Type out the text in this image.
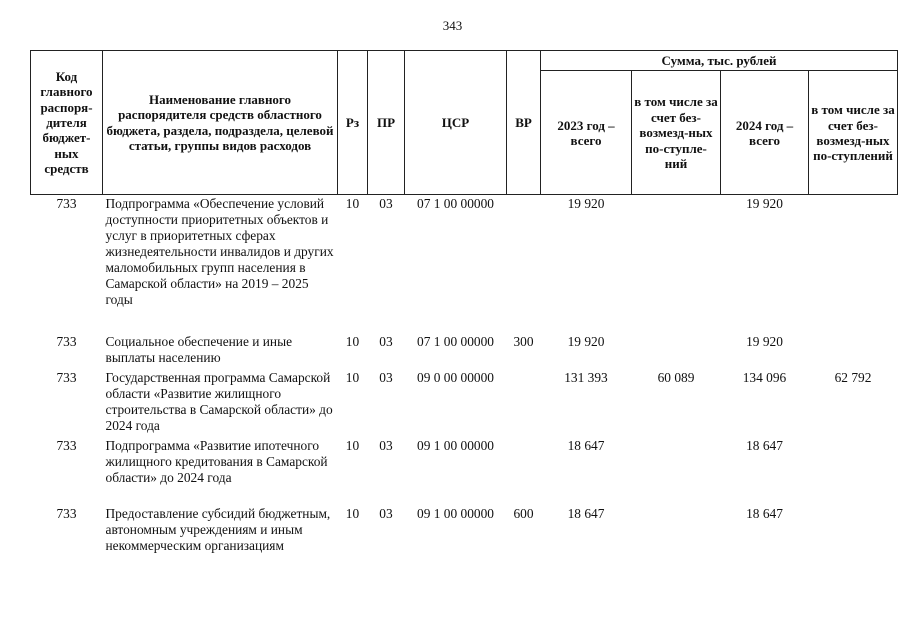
343
Код главного распоря-дителя бюджет-ных средств	Наименование главного распорядителя средств областного бюджета, раздела, подраздела, целевой статьи, группы видов расходов	Рз	ПР	ЦСР	ВР	Сумма, тыс. рублей			
						2023 год – всего	в том числе за счет без-возмезд-ных по-ступле-ний	2024 год – всего	в том числе за счет без-возмезд-ных по-ступлений
733	Подпрограмма «Обеспечение условий доступности приоритетных объектов и услуг в приоритетных сферах жизнедеятельности инвалидов и других маломобильных групп населения в Самарской области» на 2019 – 2025 годы	10	03	07 1 00 00000		19 920		19 920	
733	Социальное обеспечение и иные выплаты населению	10	03	07 1 00 00000	300	19 920		19 920	
733	Государственная программа Самарской области «Развитие жилищного строительства в Самарской области» до 2024 года	10	03	09 0 00 00000		131 393	60 089	134 096	62 792
733	Подпрограмма «Развитие ипотечного жилищного кредитования в Самарской области» до 2024 года	10	03	09 1 00 00000		18 647		18 647	
733	Предоставление субсидий бюджетным, автономным учреждениям и иным некоммерческим организациям	10	03	09 1 00 00000	600	18 647		18 647	
